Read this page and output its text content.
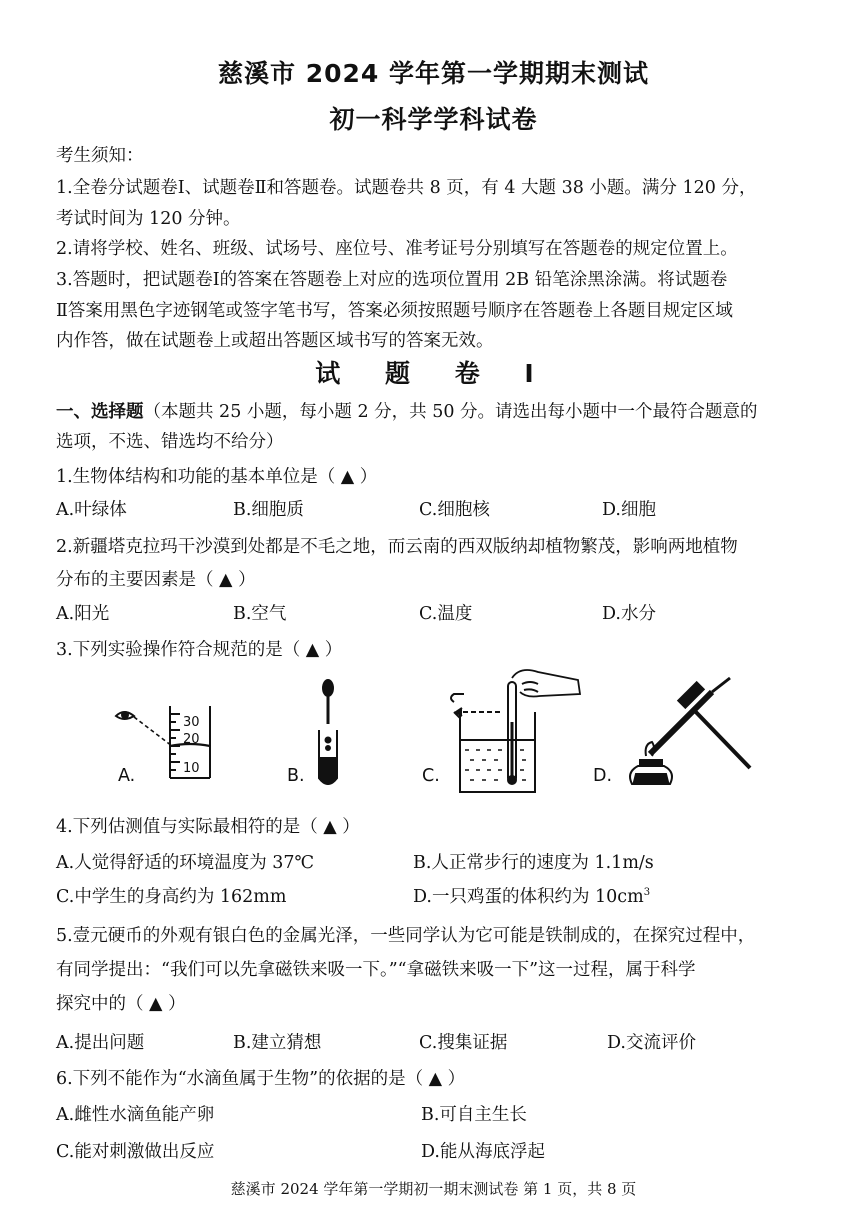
慈溪市 2024 学年第一学期期末测试
初一科学学科试卷
考生须知：
1.全卷分试题卷Ⅰ、试题卷Ⅱ和答题卷。试题卷共 8 页，有 4 大题 38 小题。满分 120 分，
考试时间为 120 分钟。
2.请将学校、姓名、班级、试场号、座位号、准考证号分别填写在答题卷的规定位置上。
3.答题时，把试题卷Ⅰ的答案在答题卷上对应的选项位置用 2B 铅笔涂黑涂满。将试题卷
Ⅱ答案用黑色字迹钢笔或签字笔书写，答案必须按照题号顺序在答题卷上各题目规定区域
内作答，做在试题卷上或超出答题区域书写的答案无效。
试 题 卷 Ⅰ
一、选择题（本题共 25 小题，每小题 2 分，共 50 分。请选出每小题中一个最符合题意的
选项，不选、错选均不给分）
1.生物体结构和功能的基本单位是（ ▲ ）
A.叶绿体	B.细胞质	C.细胞核	D.细胞
2.新疆塔克拉玛干沙漠到处都是不毛之地，而云南的西双版纳却植物繁茂，影响两地植物
分布的主要因素是（ ▲ ）
A.阳光	B.空气	C.温度	D.水分
3.下列实验操作符合规范的是（ ▲ ）
30
20
10
A.	B.	C.	D.
4.下列估测值与实际最相符的是（ ▲ ）
A.人觉得舒适的环境温度为 37℃	B.人正常步行的速度为 1.1m/s
C.中学生的身高约为 162mm	D.一只鸡蛋的体积约为 $10cm^3$
5.壹元硬币的外观有银白色的金属光泽，一些同学认为它可能是铁制成的，在探究过程中，
有同学提出：“我们可以先拿磁铁来吸一下。”“拿磁铁来吸一下”这一过程，属于科学
探究中的（ ▲ ）
A.提出问题	B.建立猜想	C.搜集证据	D.交流评价
6.下列不能作为“水滴鱼属于生物”的依据的是（ ▲ ）
A.雌性水滴鱼能产卵	B.可自主生长
C.能对刺激做出反应	D.能从海底浮起
慈溪市 2024 学年第一学期初一期末测试卷 第 1 页，共 8 页
